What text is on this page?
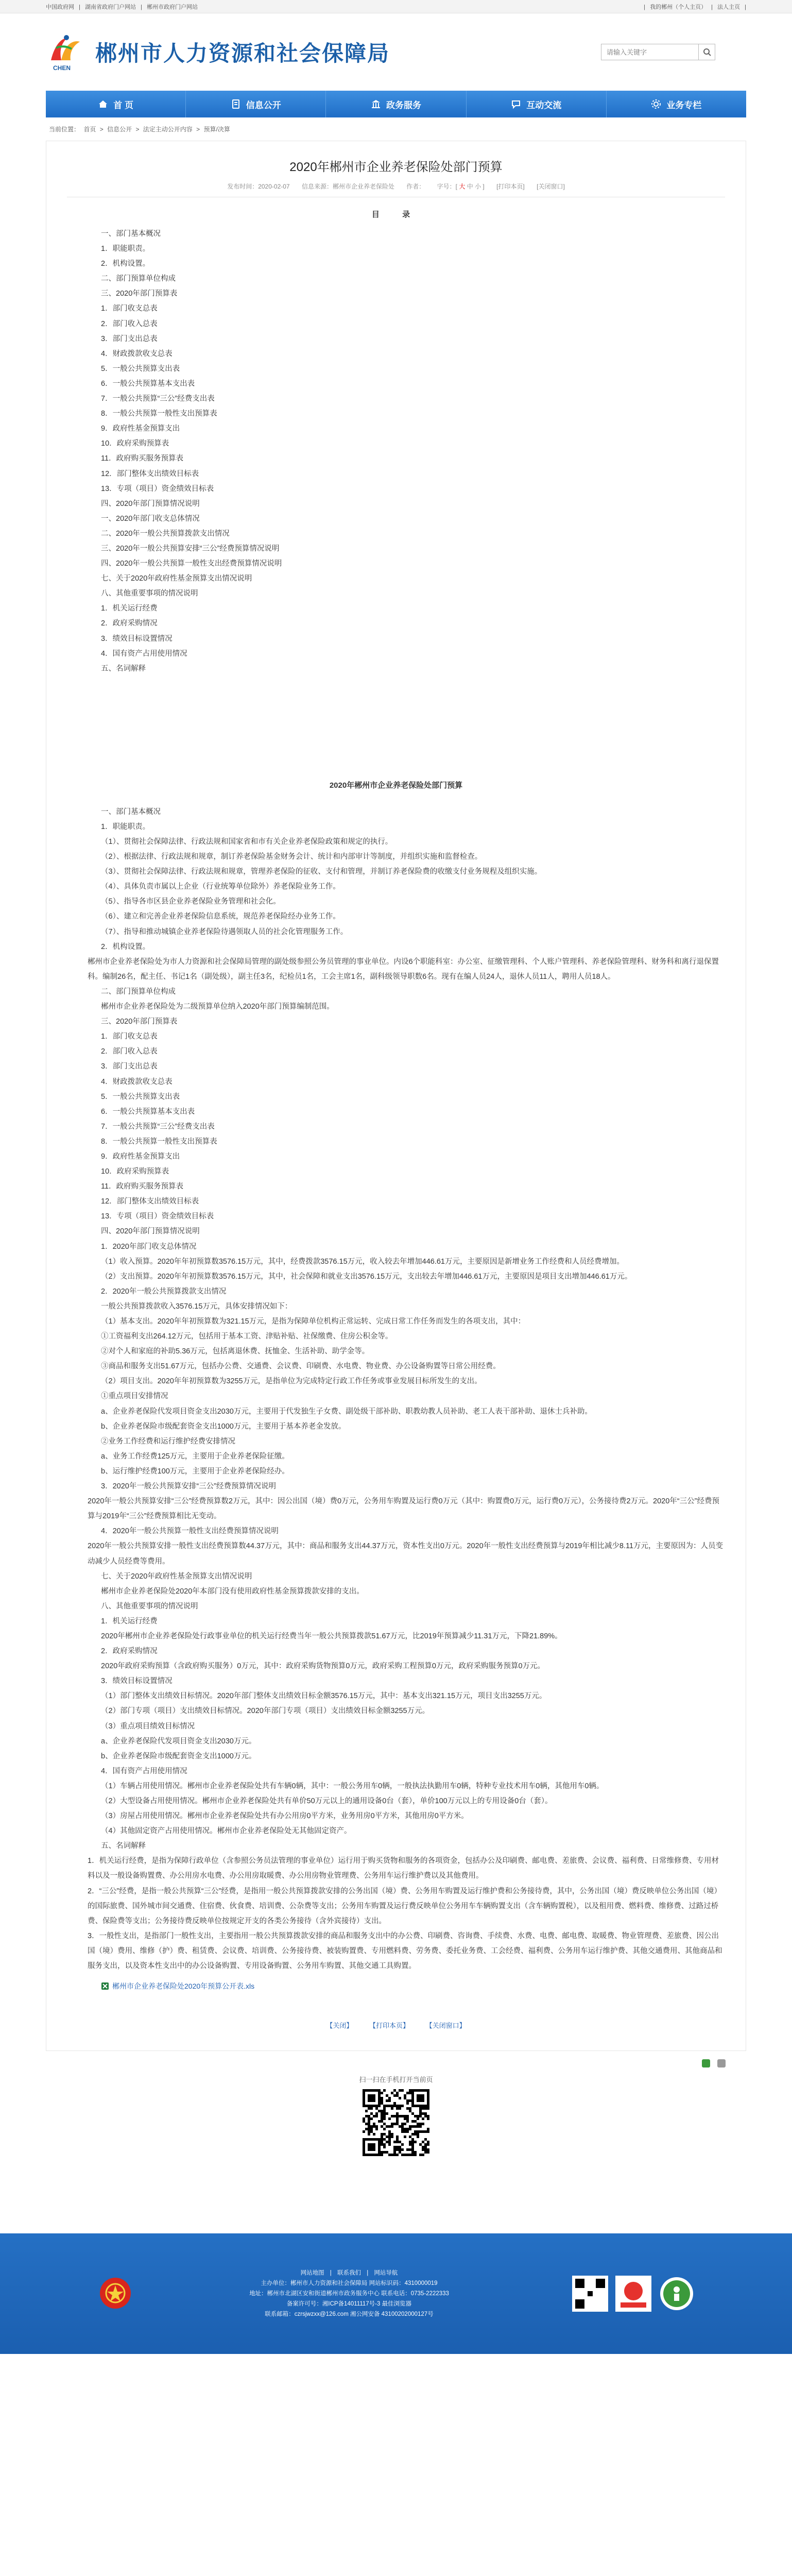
中国政府网 | 湖南省政府门户网站 | 郴州市政府门户网站	| 我的郴州（个人主页） | 法人主页 |
CHEN
郴州市人力资源和社会保障局
请输入关键字
首 页	信息公开	政务服务	互动交流	业务专栏
当前位置： 首页 > 信息公开 > 法定主动公开内容 > 预算/决算
2020年郴州市企业养老保险处部门预算
发布时间：2020-02-07 信息来源：郴州市企业养老保险处 作者： 字号：[ 大 中 小 ] [打印本页] [关闭窗口]
目 录
一、部门基本概况
1．职能职责。
2．机构设置。
二、部门预算单位构成
三、2020年部门预算表
1．部门收支总表
2．部门收入总表
3．部门支出总表
4．财政拨款收支总表
5．一般公共预算支出表
6．一般公共预算基本支出表
7．一般公共预算“三公”经费支出表
8．一般公共预算一般性支出预算表
9．政府性基金预算支出
10．政府采购预算表
11．政府购买服务预算表
12．部门整体支出绩效目标表
13．专项（项目）资金绩效目标表
四、2020年部门预算情况说明
一、2020年部门收支总体情况
二、2020年一般公共预算拨款支出情况
三、2020年一般公共预算安排“三公”经费预算情况说明
四、2020年一般公共预算一般性支出经费预算情况说明
七、关于2020年政府性基金预算支出情况说明
八、其他重要事项的情况说明
1．机关运行经费
2．政府采购情况
3．绩效目标设置情况
4．国有资产占用使用情况
五、名词解释
2020年郴州市企业养老保险处部门预算
一、部门基本概况
1．职能职责。
（1）、贯彻社会保障法律、行政法规和国家省和市有关企业养老保险政策和规定的执行。
（2）、根据法律、行政法规和规章，制订养老保险基金财务会计、统计和内部审计等制度，并组织实施和监督检查。
（3）、贯彻社会保障法律、行政法规和规章，管理养老保险的征收、支付和管理，并制订养老保险费的收缴支付业务规程及组织实施。
（4）、具体负责市属以上企业（行业统筹单位除外）养老保险业务工作。
（5）、指导各市区县企业养老保险业务管理和社会化。
（6）、建立和完善企业养老保险信息系统，规范养老保险经办业务工作。
（7）、指导和推动城镇企业养老保险待遇领取人员的社会化管理服务工作。
2．机构设置。
郴州市企业养老保险处为市人力资源和社会保障局管理的副处级参照公务员管理的事业单位。内设6个职能科室：办公室、征缴管理科、个人账户管理科、养老保险管理科、财务科和离行退保置科。编制26名，配主任、书记1名（副处级），副主任3名，纪检员1名，工会主席1名，副科级领导职数6名。现有在编人员24人，退休人员11人，聘用人员18人。
二、部门预算单位构成
郴州市企业养老保险处为二级预算单位纳入2020年部门预算编制范围。
三、2020年部门预算表
1．部门收支总表
2．部门收入总表
3．部门支出总表
4．财政拨款收支总表
5．一般公共预算支出表
6．一般公共预算基本支出表
7．一般公共预算“三公”经费支出表
8．一般公共预算一般性支出预算表
9．政府性基金预算支出
10．政府采购预算表
11．政府购买服务预算表
12．部门整体支出绩效目标表
13．专项（项目）资金绩效目标表
四、2020年部门预算情况说明
1．2020年部门收支总体情况
（1）收入预算。2020年年初预算数3576.15万元，其中，经费拨款3576.15万元，收入较去年增加446.61万元，主要原因是新增业务工作经费和人员经费增加。
（2）支出预算。2020年年初预算数3576.15万元，其中，社会保障和就业支出3576.15万元，支出较去年增加446.61万元，主要原因是项目支出增加446.61万元。
2．2020年一般公共预算拨款支出情况
一般公共预算拨款收入3576.15万元，具体安排情况如下：
（1）基本支出。2020年年初预算数为321.15万元，是指为保障单位机构正常运转、完成日常工作任务而发生的各项支出，其中：
①工资福利支出264.12万元，包括用于基本工资、津贴补贴、社保缴费、住房公积金等。
②对个人和家庭的补助5.36万元，包括离退休费、抚恤金、生活补助、助学金等。
③商品和服务支出51.67万元，包括办公费、交通费、会议费、印刷费、水电费、物业费、办公设备购置等日常公用经费。
（2）项目支出。2020年年初预算数为3255万元，是指单位为完成特定行政工作任务或事业发展目标所发生的支出。
①重点项目安排情况
a、企业养老保险代发项目资金支出2030万元，主要用于代发独生子女费、副处级干部补助、职教幼教人员补助、老工人表干部补助、退休士兵补助。
b、企业养老保险市级配套资金支出1000万元，主要用于基本养老金发放。
②业务工作经费和运行维护经费安排情况
a、业务工作经费125万元，主要用于企业养老保险征缴。
b、运行维护经费100万元，主要用于企业养老保险经办。
3．2020年一般公共预算安排“三公”经费预算情况说明
2020年一般公共预算安排“三公”经费预算数2万元，其中：因公出国（境）费0万元，公务用车购置及运行费0万元（其中：购置费0万元，运行费0万元），公务接待费2万元。2020年“三公”经费预算与2019年“三公”经费预算相比无变动。
4．2020年一般公共预算一般性支出经费预算情况说明
2020年一般公共预算安排一般性支出经费预算数44.37万元，其中：商品和服务支出44.37万元，资本性支出0万元。2020年一般性支出经费预算与2019年相比减少8.11万元，主要原因为：人员变动减少人员经费等费用。
七、关于2020年政府性基金预算支出情况说明
郴州市企业养老保险处2020年本部门没有使用政府性基金预算拨款安排的支出。
八、其他重要事项的情况说明
1．机关运行经费
2020年郴州市企业养老保险处行政事业单位的机关运行经费当年一般公共预算拨款51.67万元，比2019年预算减少11.31万元，下降21.89%。
2．政府采购情况
2020年政府采购预算（含政府购买服务）0万元，其中：政府采购货物预算0万元，政府采购工程预算0万元，政府采购服务预算0万元。
3．绩效目标设置情况
（1）部门整体支出绩效目标情况。2020年部门整体支出绩效目标金额3576.15万元，其中：基本支出321.15万元，项目支出3255万元。
（2）部门专项（项目）支出绩效目标情况。2020年部门专项（项目）支出绩效目标金额3255万元。
（3）重点项目绩效目标情况
a、企业养老保险代发项目资金支出2030万元。
b、企业养老保险市级配套资金支出1000万元。
4．国有资产占用使用情况
（1）车辆占用使用情况。郴州市企业养老保险处共有车辆0辆，其中：一般公务用车0辆，一般执法执勤用车0辆，特种专业技术用车0辆，其他用车0辆。
（2）大型设备占用使用情况。郴州市企业养老保险处共有单价50万元以上的通用设备0台（套），单价100万元以上的专用设备0台（套）。
（3）房屋占用使用情况。郴州市企业养老保险处共有办公用房0平方米，业务用房0平方米，其他用房0平方米。
（4）其他固定资产占用使用情况。郴州市企业养老保险处无其他固定资产。
五、名词解释
1．机关运行经费，是指为保障行政单位（含参照公务员法管理的事业单位）运行用于购买货物和服务的各项资金，包括办公及印刷费、邮电费、差旅费、会议费、福利费、日常维修费、专用材料以及一般设备购置费、办公用房水电费、办公用房取暖费、办公用房物业管理费、公务用车运行维护费以及其他费用。
2．“三公”经费，是指一般公共预算“三公”经费，是指用一般公共预算拨款安排的公务出国（境）费、公务用车购置及运行维护费和公务接待费，其中，公务出国（境）费反映单位公务出国（境）的国际旅费、国外城市间交通费、住宿费、伙食费、培训费、公杂费等支出；公务用车购置及运行费反映单位公务用车车辆购置支出（含车辆购置税），以及租用费、燃料费、维修费、过路过桥费、保险费等支出；公务接待费反映单位按规定开支的各类公务接待（含外宾接待）支出。
3．一般性支出，是指部门一般性支出，主要指用一般公共预算拨款安排的商品和服务支出中的办公费、印刷费、咨询费、手续费、水费、电费、邮电费、取暖费、物业管理费、差旅费、因公出国（境）费用、维修（护）费、租赁费、会议费、培训费、公务接待费、被装购置费、专用燃料费、劳务费、委托业务费、工会经费、福利费、公务用车运行维护费、其他交通费用、其他商品和服务支出，以及资本性支出中的办公设备购置、专用设备购置、公务用车购置、其他交通工具购置。
郴州市企业养老保险处2020年预算公开表.xls
【关闭】 【打印本页】 【关闭窗口】

扫一扫在手机打开当前页
网站地图 | 联系我们 | 网站导航
主办单位：郴州市人力资源和社会保障局 网站标识码：4310000019
地址：郴州市北湖区安和街道郴州市政务服务中心 联系电话：0735-2222333
备案许可号：湘ICP备14011117号-3 最佳浏览器
联系邮箱：czrsjwzxx@126.com 湘公网安备 43100202000127号
